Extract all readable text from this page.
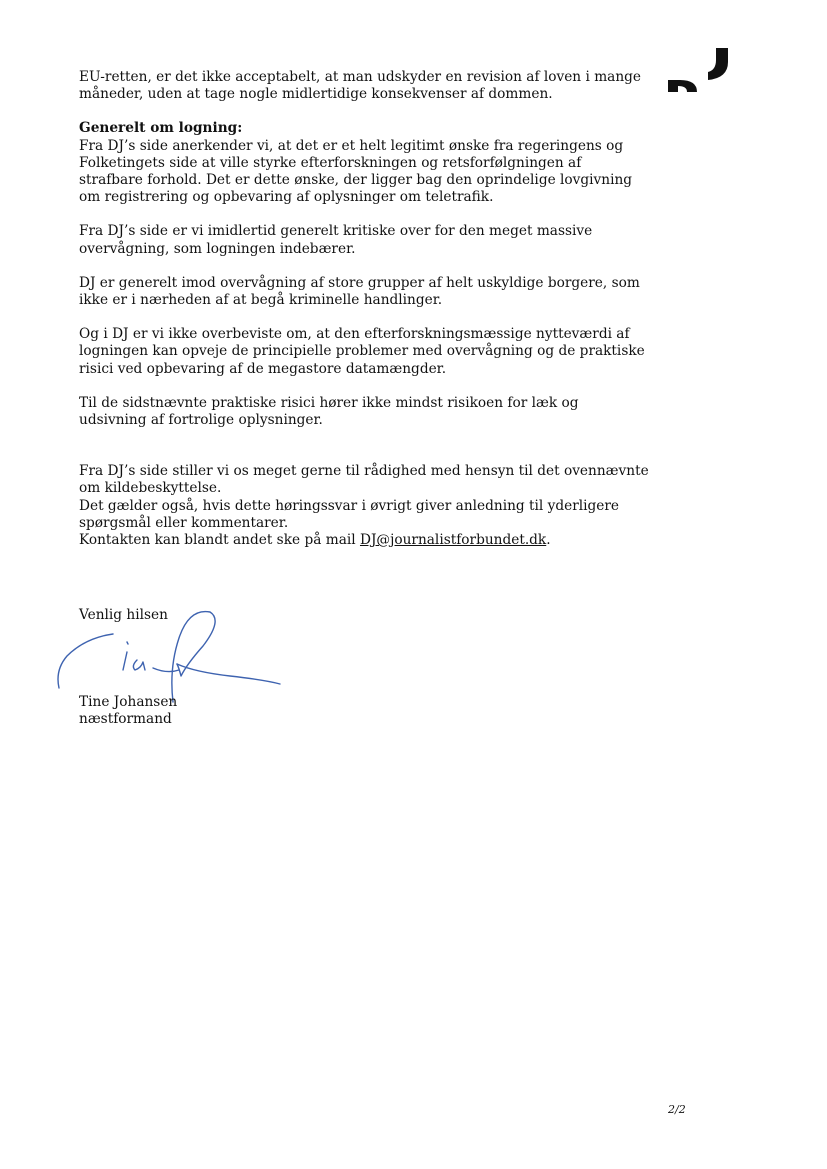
EU-retten, er det ikke acceptabelt, at man udskyder en revision af loven i mange måneder, uden at tage nogle midlertidige konsekvenser af dommen.

Generelt om logning:

Fra DJ’s side anerkender vi, at det er et helt legitimt ønske fra regeringens og Folketingets side at ville styrke efterforskningen og retsforfølgningen af strafbare forhold. Det er dette ønske, der ligger bag den oprindelige lovgivning om registrering og opbevaring af oplysninger om teletrafik.

Fra DJ’s side er vi imidlertid generelt kritiske over for den meget massive overvågning, som logningen indebærer.

DJ er generelt imod overvågning af store grupper af helt uskyldige borgere, som ikke er i nærheden af at begå kriminelle handlinger.

Og i DJ er vi ikke overbeviste om, at den efterforskningsmæssige nytteværdi af logningen kan opveje de principielle problemer med overvågning og de praktiske risici ved opbevaring af de megastore datamængder.

Til de sidstnævnte praktiske risici hører ikke mindst risikoen for læk og udsivning af fortrolige oplysninger.

Fra DJ’s side stiller vi os meget gerne til rådighed med hensyn til det ovennævnte om kildebeskyttelse.

Det gælder også, hvis dette høringssvar i øvrigt giver anledning til yderligere spørgsmål eller kommentarer.

Kontakten kan blandt andet ske på mail DJ@journalistforbundet.dk.

Venlig hilsen
Tine Johansen
næstformand
2/2
